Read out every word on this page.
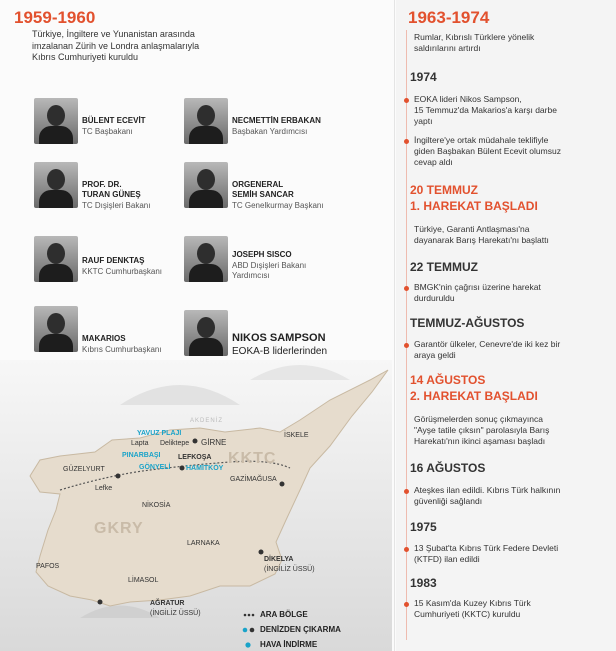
1959-1960
Türkiye, İngiltere ve Yunanistan arasında
imzalanan Zürih ve Londra anlaşmalarıyla
Kıbrıs Cumhuriyeti kuruldu
BÜLENT ECEVİT
TC Başbakanı
NECMETTİN ERBAKAN
Başbakan Yardımcısı
PROF. DR.
TURAN GÜNEŞ
TC Dışişleri Bakanı
ORGENERAL
SEMİH SANCAR
TC Genelkurmay Başkanı
RAUF DENKTAŞ
KKTC Cumhurbaşkanı
JOSEPH SISCO
ABD Dışişleri Bakanı
Yardımcısı
MAKARIOS
Kıbrıs Cumhurbaşkanı
NIKOS SAMPSON
EOKA-B liderlerinden
AKDENİZ
YAVUZ PLAJI
Lapta Deliktepe GİRNE
İSKELE
PINARBAŞI LEFKOŞA
GÖNYELİ HAMİTKÖY
KKTC
GÜZELYURT
GAZİMAĞUSA
Lefke
NİKOSİA
GKRY
PAFOS
LARNAKA
LİMASOL
DİKELYA
(İNGİLİZ ÜSSÜ)
AĞRATUR
(İNGİLİZ ÜSSÜ)	ARA BÖLGE
DENİZDEN ÇIKARMA
HAVA İNDİRME
1963-1974
Rumlar, Kıbrıslı Türklere yönelik
saldırılarını artırdı
1974
EOKA lideri Nikos Sampson,
15 Temmuz'da Makarios'a karşı darbe
yaptı
İngiltere'ye ortak müdahale teklifiyle
giden Başbakan Bülent Ecevit olumsuz
cevap aldı
20 TEMMUZ
1. HAREKAT BAŞLADI
Türkiye, Garanti Antlaşması'na
dayanarak Barış Harekatı'nı başlattı
22 TEMMUZ
BMGK'nin çağrısı üzerine harekat
durduruldu
TEMMUZ-AĞUSTOS
Garantör ülkeler, Cenevre'de iki kez bir
araya geldi
14 AĞUSTOS
2. HAREKAT BAŞLADI
Görüşmelerden sonuç çıkmayınca
"Ayşe tatile çıksın" parolasıyla Barış
Harekatı'nın ikinci aşaması başladı
16 AĞUSTOS
Ateşkes ilan edildi. Kıbrıs Türk halkının
güvenliği sağlandı
1975
13 Şubat'ta Kıbrıs Türk Federe Devleti
(KTFD) ilan edildi
1983
15 Kasım'da Kuzey Kıbrıs Türk
Cumhuriyeti (KKTC) kuruldu
